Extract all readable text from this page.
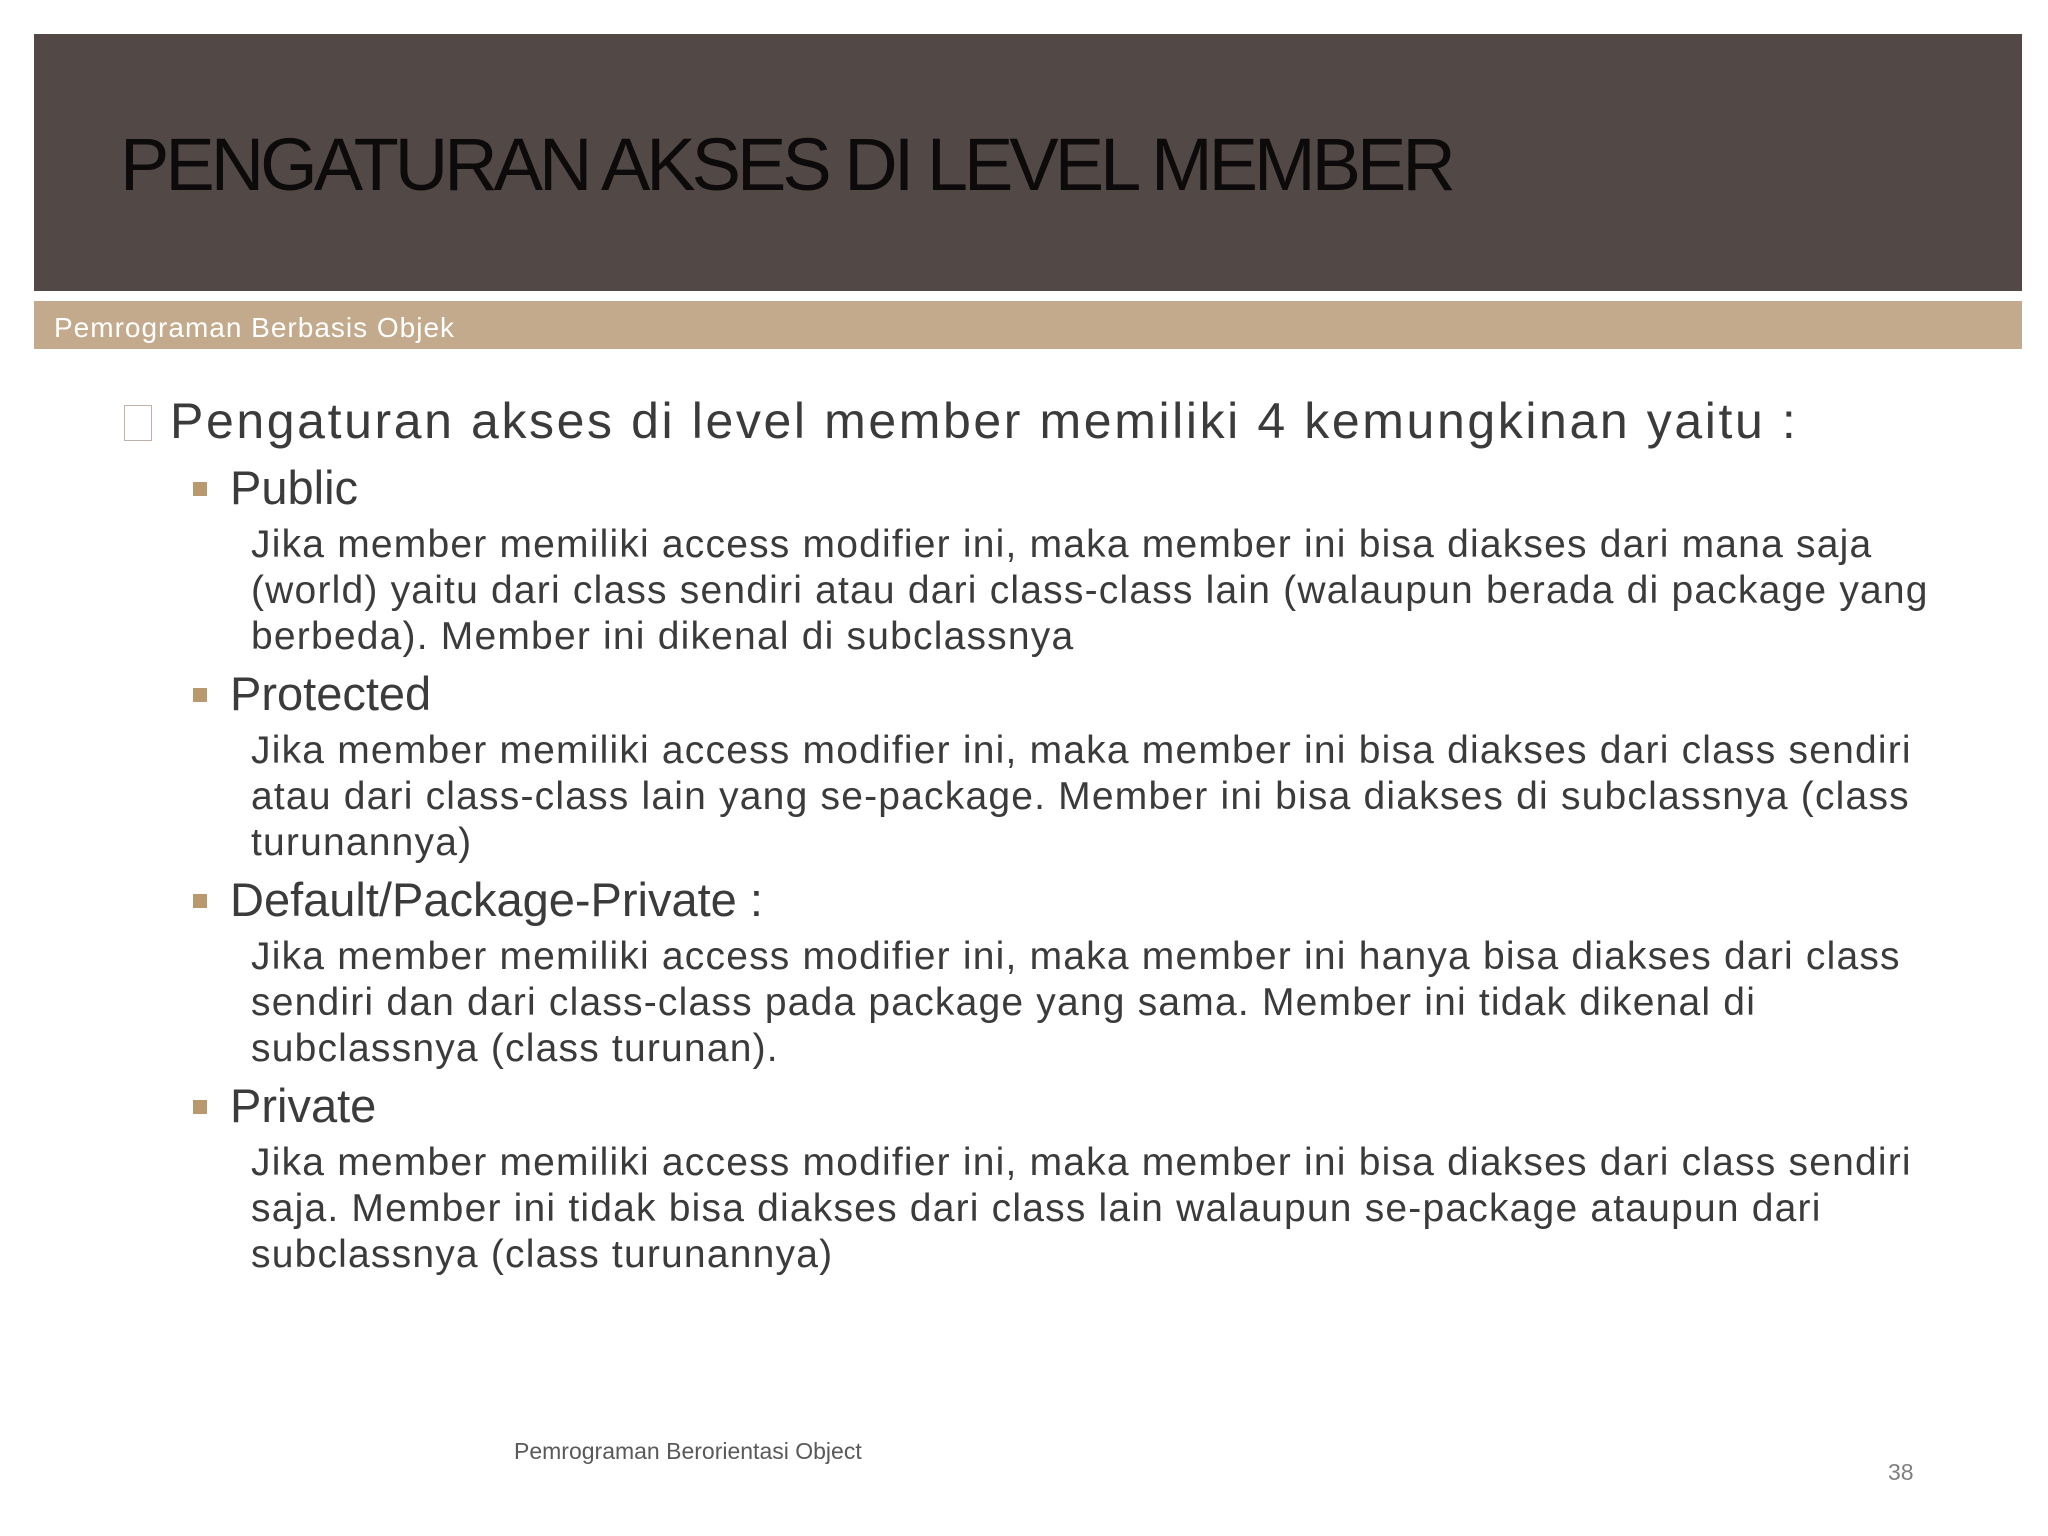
PENGATURAN AKSES DI LEVEL MEMBER
Pemrograman Berbasis Objek

Pengaturan akses di level member memiliki 4 kemungkinan yaitu :

Public
Jika member memiliki access modifier ini, maka member ini bisa diakses dari mana saja (world) yaitu dari class sendiri atau dari class-class lain (walaupun berada di package yang berbeda). Member ini dikenal di subclassnya
Protected
Jika member memiliki access modifier ini, maka member ini bisa diakses dari class sendiri atau dari class-class lain yang se-package. Member ini bisa diakses di subclassnya (class turunannya)
Default/Package-Private :
Jika member memiliki access modifier ini, maka member ini hanya bisa diakses dari class sendiri dan dari class-class pada package yang sama. Member ini tidak dikenal di subclassnya (class turunan).
Private
Jika member memiliki access modifier ini, maka member ini bisa diakses dari class sendiri saja. Member ini tidak bisa diakses dari class lain walaupun se-package ataupun dari subclassnya (class turunannya)
Pemrograman Berorientasi Object
38
